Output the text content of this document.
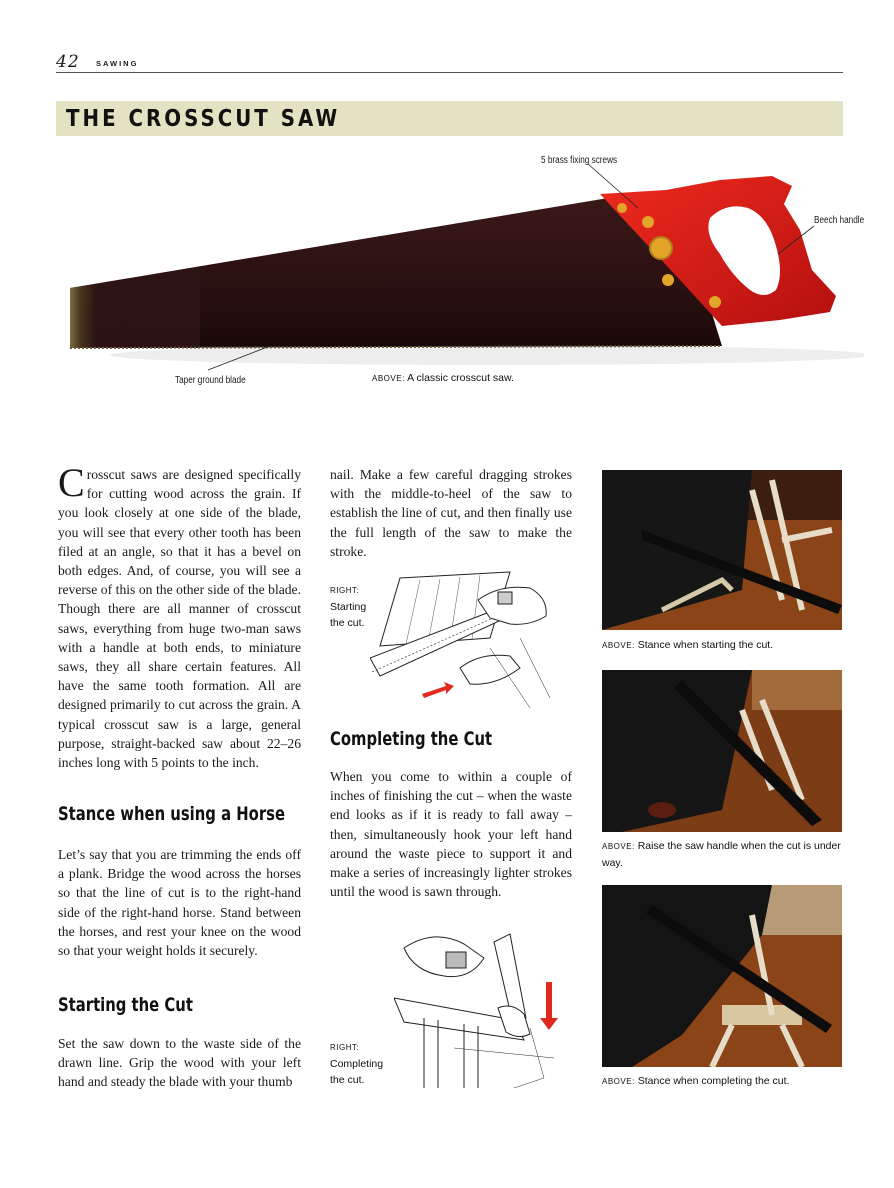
42 SAWING
THE CROSSCUT SAW
5 brass fixing screws
Beech handle
Taper ground blade	ABOVE: A classic crosscut saw.
C rosscut saws are designed specifically for cutting wood across the grain. If you look closely at one side of the blade, you will see that every other tooth has been filed at an angle, so that it has a bevel on both edges. And, of course, you will see a reverse of this on the other side of the blade. Though there are all manner of crosscut saws, everything from huge two-man saws with a handle at both ends, to miniature saws, they all share certain features. All have the same tooth formation. All are designed primarily to cut across the grain. A typical crosscut saw is a large, general purpose, straight-backed saw about 22–26 inches long with 5 points to the inch.

Stance when using a Horse

Let’s say that you are trimming the ends off a plank. Bridge the wood across the horses so that the line of cut is to the right-hand side of the right-hand horse. Stand between the horses, and rest your knee on the wood so that your weight holds it securely.

Starting the Cut

Set the saw down to the waste side of the drawn line. Grip the wood with your left hand and steady the blade with your thumb

nail. Make a few careful dragging strokes with the middle-to-heel of the saw to establish the line of cut, and then finally use the full length of the saw to make the stroke.

RIGHT:
Starting the cut.
Completing the Cut

When you come to within a couple of inches of finishing the cut – when the waste end looks as if it is ready to fall away – then, simultaneously hook your left hand around the waste piece to support it and make a series of increasingly lighter strokes until the wood is sawn through.

RIGHT:
Completing the cut.
ABOVE: Stance when starting the cut.
ABOVE: Raise the saw handle when the cut is under way.
ABOVE: Stance when completing the cut.
